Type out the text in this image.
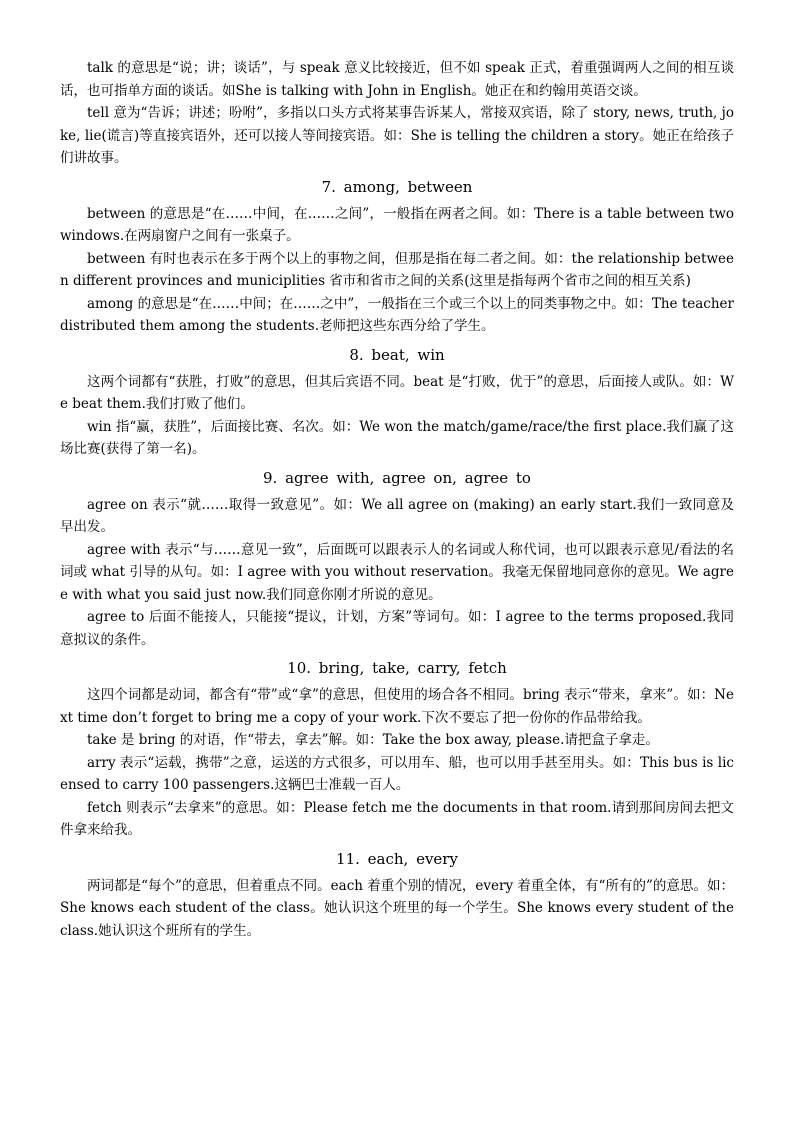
talk 的意思是“说；讲；谈话”，与 speak 意义比较接近，但不如 speak 正式，着重强调两人之间的相互谈话，也可指单方面的谈话。如She is talking with John in English。她正在和约翰用英语交谈。

tell 意为“告诉；讲述；吩咐”，多指以口头方式将某事告诉某人，常接双宾语，除了 story, news, truth, joke, lie(谎言)等直接宾语外，还可以接人等间接宾语。如：She is telling the children a story。她正在给孩子们讲故事。

7. among, between

between 的意思是“在……中间，在……之间”，一般指在两者之间。如：There is a table between two windows.在两扇窗户之间有一张桌子。

between 有时也表示在多于两个以上的事物之间，但那是指在每二者之间。如：the relationship between different provinces and municiplities 省市和省市之间的关系(这里是指每两个省市之间的相互关系)

among 的意思是“在……中间；在……之中”，一般指在三个或三个以上的同类事物之中。如：The teacher distributed them among the students.老师把这些东西分给了学生。

8. beat, win

这两个词都有“获胜，打败”的意思，但其后宾语不同。beat 是“打败，优于”的意思，后面接人或队。如：We beat them.我们打败了他们。

win 指“赢，获胜”，后面接比赛、名次。如：We won the match/game/race/the first place.我们赢了这场比赛(获得了第一名)。

9. agree with, agree on, agree to

agree on 表示“就……取得一致意见”。如：We all agree on (making) an early start.我们一致同意及早出发。

agree with 表示“与……意见一致”，后面既可以跟表示人的名词或人称代词，也可以跟表示意见/看法的名词或 what 引导的从句。如：I agree with you without reservation。我毫无保留地同意你的意见。We agree with what you said just now.我们同意你刚才所说的意见。

agree to 后面不能接人，只能接“提议，计划，方案”等词句。如：I agree to the terms proposed.我同意拟议的条件。

10. bring, take, carry, fetch

这四个词都是动词，都含有“带”或“拿”的意思，但使用的场合各不相同。bring 表示“带来，拿来”。如：Next time don’t forget to bring me a copy of your work.下次不要忘了把一份你的作品带给我。

take 是 bring 的对语，作“带去，拿去”解。如：Take the box away, please.请把盒子拿走。

arry 表示“运载，携带”之意，运送的方式很多，可以用车、船，也可以用手甚至用头。如：This bus is licensed to carry 100 passengers.这辆巴士准载一百人。

fetch 则表示“去拿来”的意思。如：Please fetch me the documents in that room.请到那间房间去把文件拿来给我。

11. each, every

两词都是“每个”的意思，但着重点不同。each 着重个别的情况，every 着重全体，有“所有的”的意思。如：She knows each student of the class。她认识这个班里的每一个学生。She knows every student of the class.她认识这个班所有的学生。
